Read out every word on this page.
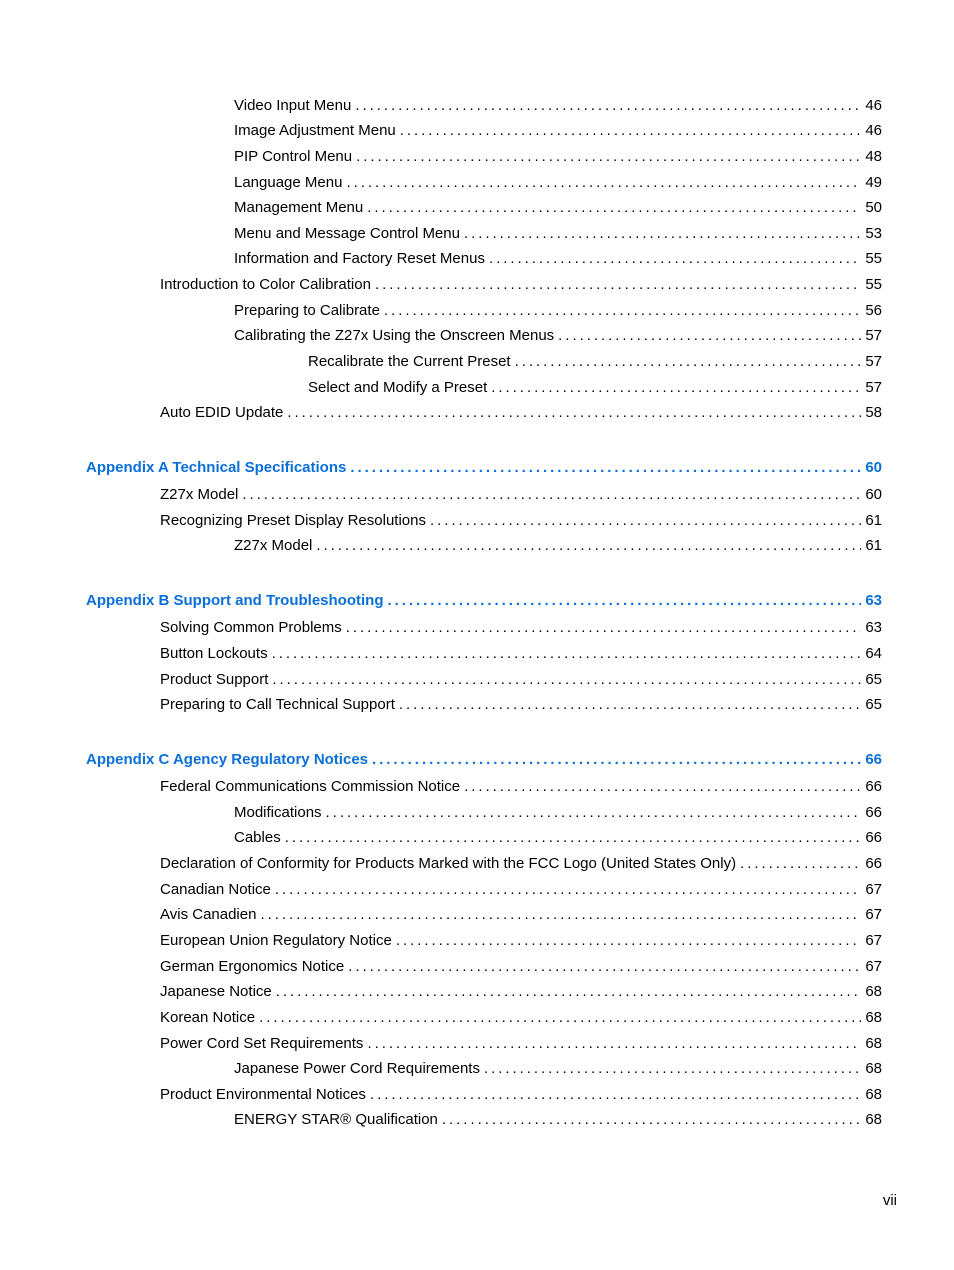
Video Input Menu . . .	46
Image Adjustment Menu . . .	46
PIP Control Menu . . .	48
Language Menu . . .	49
Management Menu . . .	50
Menu and Message Control Menu . . .	53
Information and Factory Reset Menus . . .	55
Introduction to Color Calibration . . .	55
Preparing to Calibrate . . .	56
Calibrating the Z27x Using the Onscreen Menus . . .	57
Recalibrate the Current Preset . . .	57
Select and Modify a Preset . . .	57
Auto EDID Update . . .	58
Appendix A Technical Specifications . . .	60
Z27x Model . . .	60
Recognizing Preset Display Resolutions . . .	61
Z27x Model . . .	61
Appendix B Support and Troubleshooting . . .	63
Solving Common Problems . . .	63
Button Lockouts . . .	64
Product Support . . .	65
Preparing to Call Technical Support . . .	65
Appendix C Agency Regulatory Notices . . .	66
Federal Communications Commission Notice . . .	66
Modifications . . .	66
Cables . . .	66
Declaration of Conformity for Products Marked with the FCC Logo (United States Only) . . .	66
Canadian Notice . . .	67
Avis Canadien . . .	67
European Union Regulatory Notice . . .	67
German Ergonomics Notice . . .	67
Japanese Notice . . .	68
Korean Notice . . .	68
Power Cord Set Requirements . . .	68
Japanese Power Cord Requirements . . .	68
Product Environmental Notices . . .	68
ENERGY STAR® Qualification . . .	68
vii
